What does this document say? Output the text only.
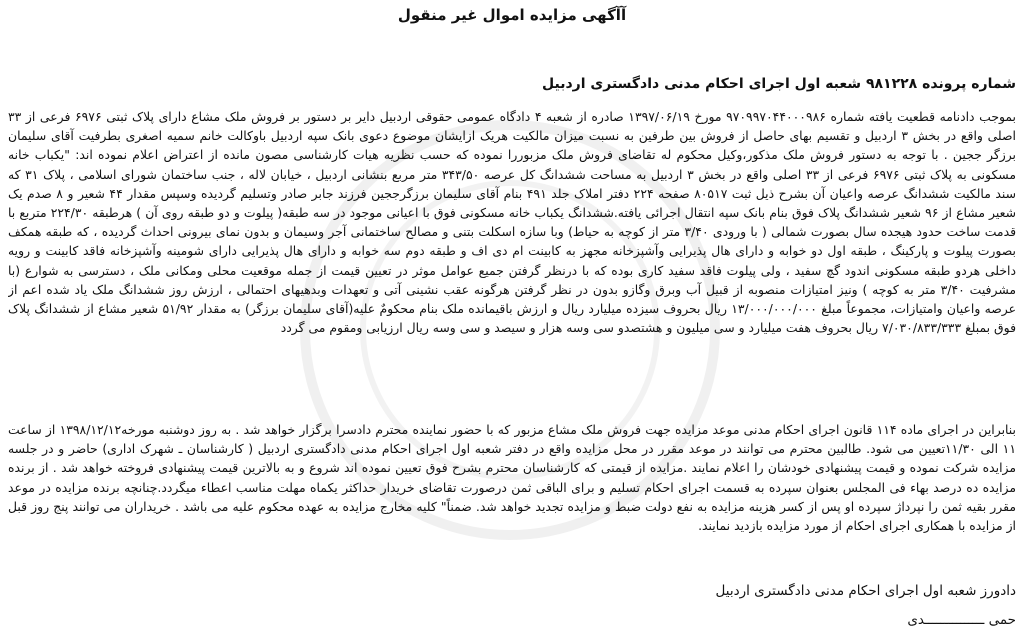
آآگهی مزایده اموال غیر منقول
شماره پرونده ۹۸۱۲۲۸ شعبه اول اجرای احکام مدنی دادگستری اردبیل

بموجب دادنامه قطعیت یافته شماره ۹۷۰۹۹۷۰۴۴۰۰۰۹۸۶ مورخ ۱۳۹۷/۰۶/۱۹ صادره از شعبه ۴ دادگاه عمومی حقوقی اردبیل دایر بر دستور بر فروش ملک مشاع دارای پلاک ثبتی ۶۹۷۶ فرعی از ۳۳ اصلی واقع در بخش ۳ اردبیل و تقسیم بهای حاصل از فروش بین طرفین به نسبت میزان مالکیت هریک ازایشان موضوع دعوی بانک سپه اردبیل باوکالت خانم سمیه اصغری بطرفیت آقای سلیمان برزگر ججین . با توجه به دستور فروش ملک مذکور،وکیل محکوم له تقاضای فروش ملک مزبوررا نموده که حسب نظریه هیات کارشناسی مصون مانده از اعتراض اعلام نموده اند: "یکباب خانه مسکونی به پلاک ثبتی ۶۹۷۶ فرعی از ۳۳ اصلی واقع در بخش ۳ اردبیل به مساحت ششدانگ کل عرصه ۳۴۳/۵۰ متر مربع بنشانی اردبیل ، خیابان لاله ، جنب ساختمان شورای اسلامی ، پلاک ۳۱ که سند مالکیت ششدانگ عرصه واعیان آن بشرح ذیل ثبت ۸۰۵۱۷ صفحه ۲۲۴ دفتر املاک جلد ۴۹۱ بنام آقای سلیمان برزگرججین فرزند جابر صادر وتسلیم گردیده وسپس مقدار ۴۴ شعیر و ۸ صدم یک شعیر مشاع از ۹۶ شعیر ششدانگ پلاک فوق بنام بانک سپه انتقال اجرائی یافته.ششدانگ یکباب خانه مسکونی فوق با اعیانی موجود در سه طبقه( پیلوت و دو طبقه روی آن ) هرطبقه ۲۲۴/۳۰ متربع با قدمت ساخت حدود هیجده سال بصورت شمالی ( با ورودی ۳/۴۰ متر از کوچه به حیاط) وبا سازه اسکلت بتنی و مصالح ساختمانی آجر وسیمان و بدون نمای بیرونی احداث گردیده ، که طبقه همکف بصورت پیلوت و پارکینگ ، طبقه اول دو خوابه و دارای هال پذیرایی وآشپزخانه مجهز به کابینت ام دی اف و طبقه دوم سه خوابه و دارای هال پذیرایی دارای شومینه وآشپزخانه فاقد کابینت و رویه داخلی هردو طبقه مسکونی اندود گچ سفید ، ولی پیلوت فاقد سفید کاری بوده که با درنظر گرفتن جمیع عوامل موثر در تعیین قیمت از جمله موقعیت محلی ومکانی ملک ، دسترسی به شوارع (با مشرفیت ۳/۴۰ متر به کوچه ) ونیز امتیازات منصوبه از قبیل آب وبرق وگازو بدون در نظر گرفتن هرگونه عقب نشینی آتی و تعهدات وبدهیهای احتمالی ، ارزش روز ششدانگ ملک یاد شده اعم از عرصه واعیان وامتیازات، مجموعاً مبلغ ۱۳/۰۰۰/۰۰۰/۰۰۰ ریال بحروف سیزده میلیارد ریال و ارزش باقیمانده ملک بنام محکومٌ علیه(آقای سلیمان برزگر) به مقدار ۵۱/۹۲ شعیر مشاع از ششدانگ پلاک فوق بمبلغ ۷/۰۳۰/۸۳۳/۳۳۳ ریال بحروف هفت میلیارد و سی میلیون و هشتصدو سی وسه هزار و سیصد و سی وسه ریال ارزیابی ومقوم می گردد

بنابراین در اجرای ماده ۱۱۴ قانون اجرای احکام مدنی موعد مزایده جهت فروش ملک مشاع مزبور که با حضور نماینده محترم دادسرا برگزار خواهد شد . به روز دوشنبه مورخه۱۳۹۸/۱۲/۱۲ از ساعت ۱۱ الی ۱۱/۳۰تعیین می شود. طالبین محترم می توانند در موعد مقرر در محل مزایده واقع در دفتر شعبه اول اجرای احکام مدنی دادگستری اردبیل ( کارشناسان ـ شهرک اداری) حاضر و در جلسه مزایده شرکت نموده و قیمت پیشنهادی خودشان را اعلام نمایند .مزایده از قیمتی که کارشناسان محترم بشرح فوق تعیین نموده اند شروع و به بالاترین قیمت پیشنهادی فروخته خواهد شد . از برنده مزایده ده درصد بهاء فی المجلس بعنوان سپرده به قسمت اجرای احکام تسلیم و برای الباقی ثمن درصورت تقاضای خریدار حداکثر یکماه مهلت مناسب اعطاء میگردد.چنانچه برنده مزایده در موعد مقرر بقیه ثمن را نپرداژ سپرده او پس از کسر هزینه مزایده به نفع دولت ضبط و مزایده تجدید خواهد شد. ضمناً" کلیه مخارج مزایده به عهده محکوم علیه می باشد . خریداران می توانند پنج روز قبل از مزایده با همکاری اجرای احکام از مورد مزایده بازدید نمایند.

دادورز شعبه اول اجرای احکام مدنی دادگستری اردبیل

حمی ـــــــــــــــدی
